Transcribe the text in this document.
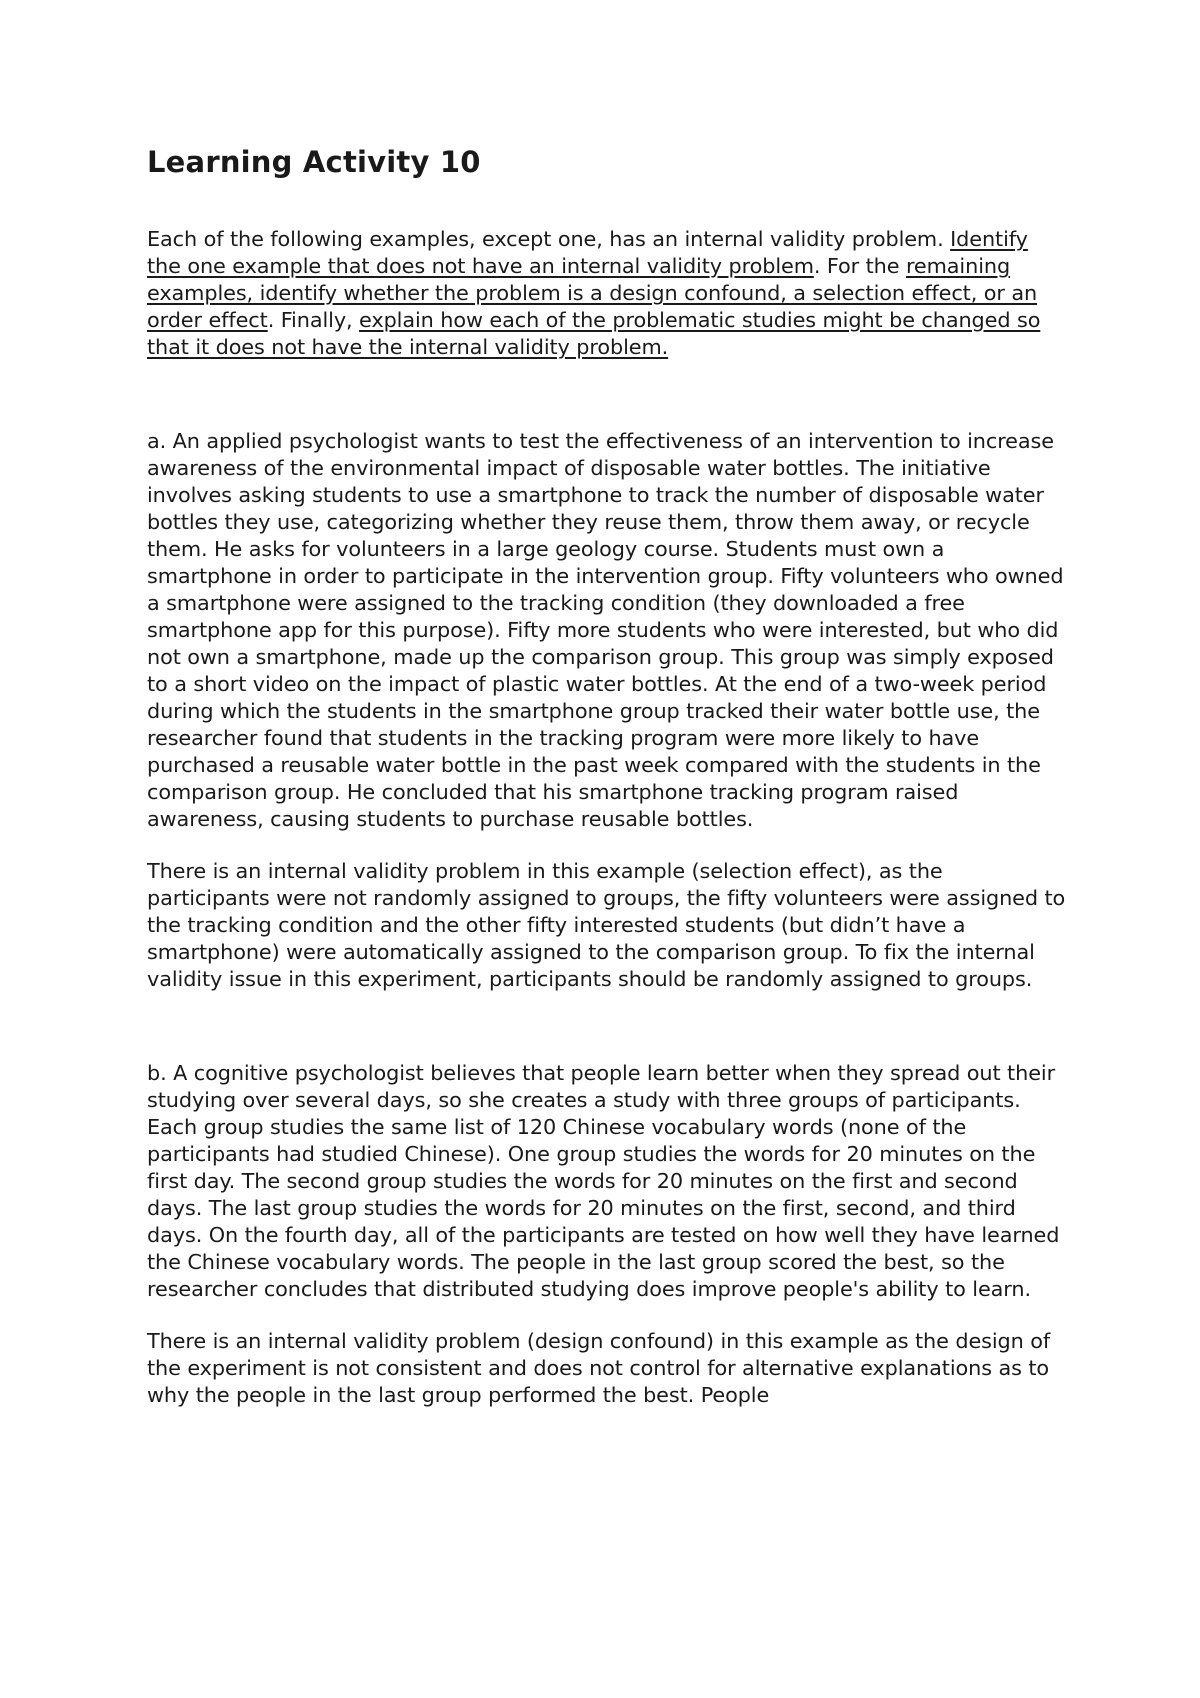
Learning Activity 10

Each of the following examples, except one, has an internal validity problem. Identify the one example that does not have an internal validity problem. For the remaining examples, identify whether the problem is a design confound, a selection effect, or an order effect. Finally, explain how each of the problematic studies might be changed so that it does not have the internal validity problem.

a. An applied psychologist wants to test the effectiveness of an intervention to increase awareness of the environmental impact of disposable water bottles. The initiative involves asking students to use a smartphone to track the number of disposable water bottles they use, categorizing whether they reuse them, throw them away, or recycle them. He asks for volunteers in a large geology course. Students must own a smartphone in order to participate in the intervention group. Fifty volunteers who owned a smartphone were assigned to the tracking condition (they downloaded a free smartphone app for this purpose). Fifty more students who were interested, but who did not own a smartphone, made up the comparison group. This group was simply exposed to a short video on the impact of plastic water bottles. At the end of a two-week period during which the students in the smartphone group tracked their water bottle use, the researcher found that students in the tracking program were more likely to have purchased a reusable water bottle in the past week compared with the students in the comparison group. He concluded that his smartphone tracking program raised awareness, causing students to purchase reusable bottles.

There is an internal validity problem in this example (selection effect), as the participants were not randomly assigned to groups, the fifty volunteers were assigned to the tracking condition and the other fifty interested students (but didn’t have a smartphone) were automatically assigned to the comparison group. To fix the internal validity issue in this experiment, participants should be randomly assigned to groups.

b. A cognitive psychologist believes that people learn better when they spread out their studying over several days, so she creates a study with three groups of participants. Each group studies the same list of 120 Chinese vocabulary words (none of the participants had studied Chinese). One group studies the words for 20 minutes on the first day. The second group studies the words for 20 minutes on the first and second days. The last group studies the words for 20 minutes on the first, second, and third days. On the fourth day, all of the participants are tested on how well they have learned the Chinese vocabulary words. The people in the last group scored the best, so the researcher concludes that distributed studying does improve people's ability to learn.

There is an internal validity problem (design confound) in this example as the design of the experiment is not consistent and does not control for alternative explanations as to why the people in the last group performed the best. People
